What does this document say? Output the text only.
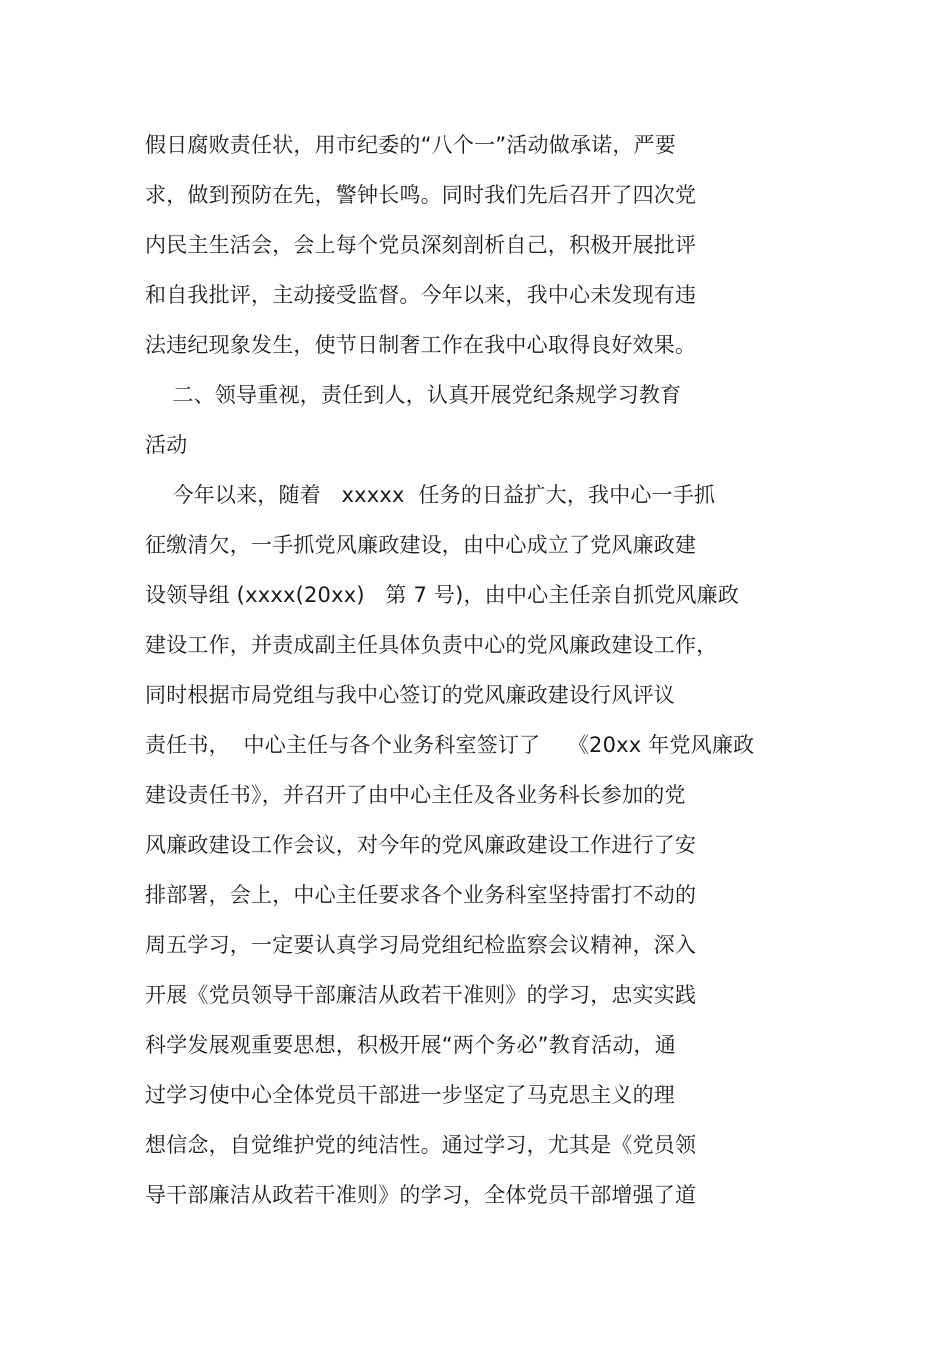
假日腐败责任状，用市纪委的“八个一”活动做承诺，严要
求，做到预防在先，警钟长鸣。同时我们先后召开了四次党
内民主生活会，会上每个党员深刻剖析自己，积极开展批评
和自我批评，主动接受监督。今年以来，我中心未发现有违
法违纪现象发生，使节日制奢工作在我中心取得良好效果。
二、领导重视，责任到人，认真开展党纪条规学习教育
活动
今年以来，随着   xxxxx  任务的日益扩大，我中心一手抓
征缴清欠，一手抓党风廉政建设，由中心成立了党风廉政建
设领导组 (xxxx(20xx)   第 7 号)，由中心主任亲自抓党风廉政
建设工作，并责成副主任具体负责中心的党风廉政建设工作，
同时根据市局党组与我中心签订的党风廉政建设行风评议
责任书，  中心主任与各个业务科室签订了    《20xx 年党风廉政
建设责任书》，并召开了由中心主任及各业务科长参加的党
风廉政建设工作会议，对今年的党风廉政建设工作进行了安
排部署，会上，中心主任要求各个业务科室坚持雷打不动的
周五学习，一定要认真学习局党组纪检监察会议精神，深入
开展《党员领导干部廉洁从政若干准则》的学习，忠实实践
科学发展观重要思想，积极开展“两个务必”教育活动，通
过学习使中心全体党员干部进一步坚定了马克思主义的理
想信念，自觉维护党的纯洁性。通过学习，尤其是《党员领
导干部廉洁从政若干准则》的学习，全体党员干部增强了道
